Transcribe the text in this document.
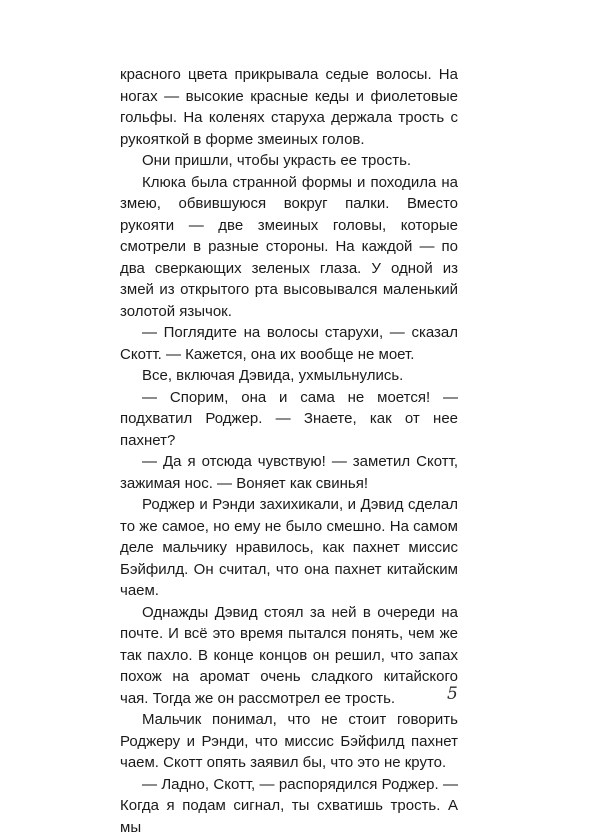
красного цвета прикрывала седые волосы. На ногах — высокие красные кеды и фиолетовые гольфы. На коленях старуха держала трость с рукояткой в форме змеиных голов.

Они пришли, чтобы украсть ее трость.

Клюка была странной формы и походила на змею, обвившуюся вокруг палки. Вместо рукояти — две змеиных головы, которые смотрели в разные стороны. На каждой — по два сверкающих зеленых глаза. У одной из змей из открытого рта высовывался маленький золотой язычок.

— Поглядите на волосы старухи, — сказал Скотт. — Кажется, она их вообще не моет.

Все, включая Дэвида, ухмыльнулись.

— Спорим, она и сама не моется! — подхватил Роджер. — Знаете, как от нее пахнет?

— Да я отсюда чувствую! — заметил Скотт, зажимая нос. — Воняет как свинья!

Роджер и Рэнди захихикали, и Дэвид сделал то же самое, но ему не было смешно. На самом деле мальчику нравилось, как пахнет миссис Бэйфилд. Он считал, что она пахнет китайским чаем.

Однажды Дэвид стоял за ней в очереди на почте. И всё это время пытался понять, чем же так пахло. В конце концов он решил, что запах похож на аромат очень сладкого китайского чая. Тогда же он рассмотрел ее трость.

Мальчик понимал, что не стоит говорить Роджеру и Рэнди, что миссис Бэйфилд пахнет чаем. Скотт опять заявил бы, что это не круто.

— Ладно, Скотт, — распорядился Роджер. — Когда я подам сигнал, ты схватишь трость. А мы

5
